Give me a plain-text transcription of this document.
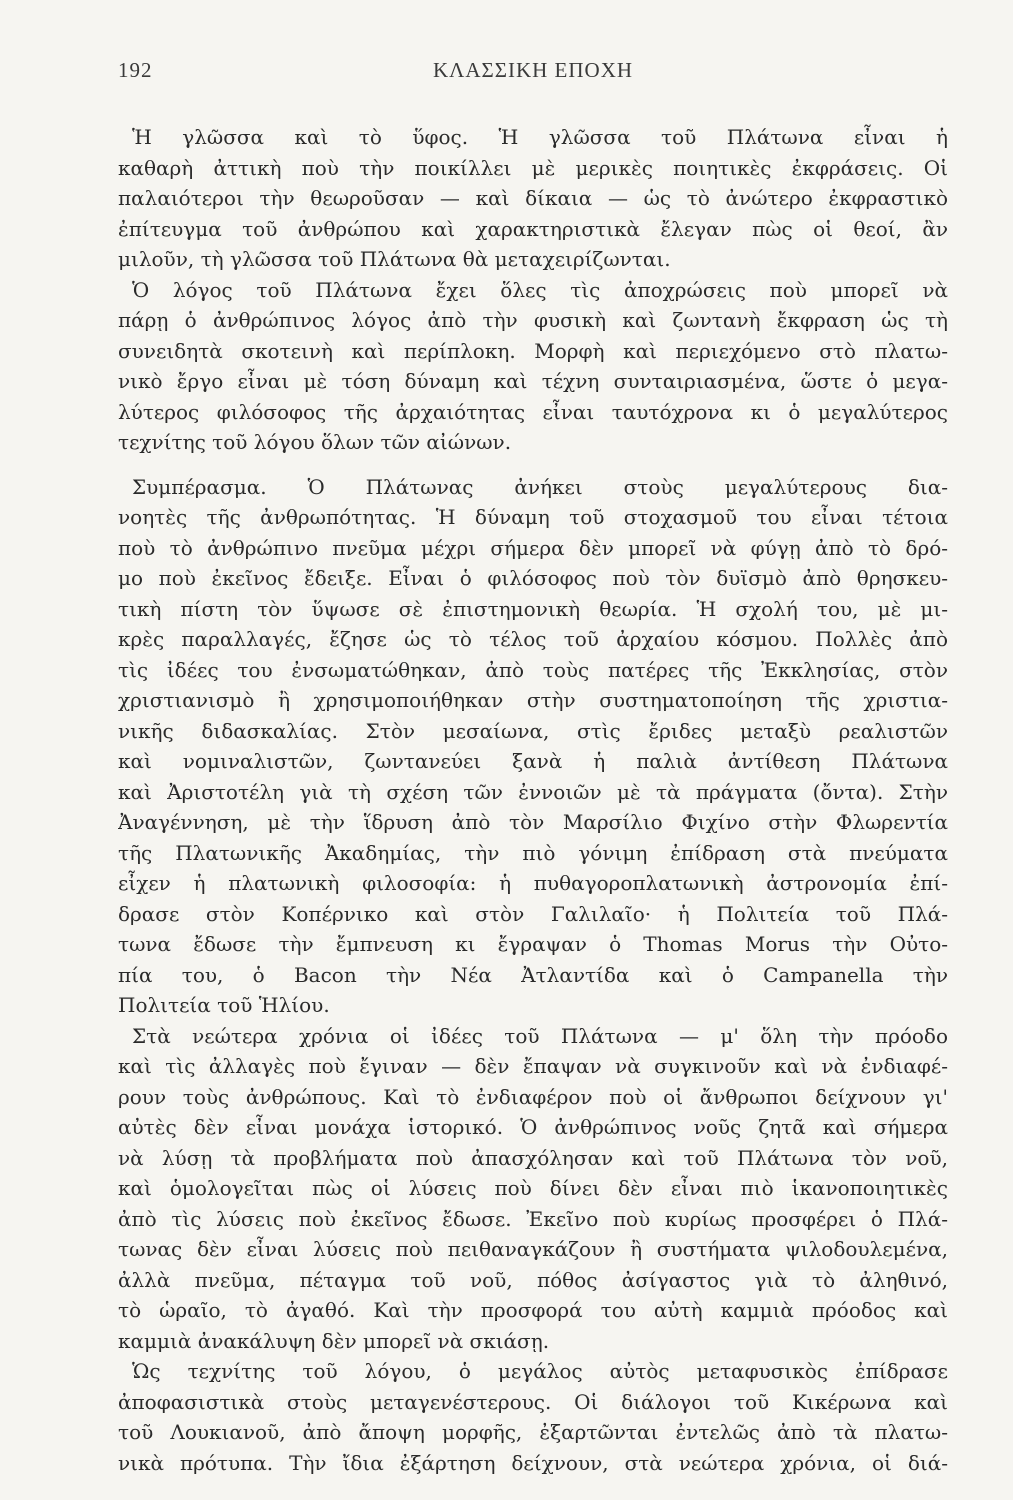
192	ΚΛΑΣΣΙΚΗ ΕΠΟΧΗ
Ἡ γλῶσσα καὶ τὸ ὕφος. Ἡ γλῶσσα τοῦ Πλάτωνα εἶναι ἡ
καθαρὴ ἀττικὴ ποὺ τὴν ποικίλλει μὲ μερικὲς ποιητικὲς ἐκφράσεις. Οἱ
παλαιότεροι τὴν θεωροῦσαν — καὶ δίκαια — ὡς τὸ ἀνώτερο ἐκφραστικὸ
ἐπίτευγμα τοῦ ἀνθρώπου καὶ χαρακτηριστικὰ ἔλεγαν πὼς οἱ θεοί, ἂν
μιλοῦν, τὴ γλῶσσα τοῦ Πλάτωνα θὰ μεταχειρίζωνται.
Ὁ λόγος τοῦ Πλάτωνα ἔχει ὅλες τὶς ἀποχρώσεις ποὺ μπορεῖ νὰ
πάρῃ ὁ ἀνθρώπινος λόγος ἀπὸ τὴν φυσικὴ καὶ ζωντανὴ ἔκφραση ὡς τὴ
συνειδητὰ σκοτεινὴ καὶ περίπλοκη. Μορφὴ καὶ περιεχόμενο στὸ πλατω-
νικὸ ἔργο εἶναι μὲ τόση δύναμη καὶ τέχνη συνταιριασμένα, ὥστε ὁ μεγα-
λύτερος φιλόσοφος τῆς ἀρχαιότητας εἶναι ταυτόχρονα κι ὁ μεγαλύτερος
τεχνίτης τοῦ λόγου ὅλων τῶν αἰώνων.
Συμπέρασμα. Ὁ Πλάτωνας ἀνήκει στοὺς μεγαλύτερους δια-
νοητὲς τῆς ἀνθρωπότητας. Ἡ δύναμη τοῦ στοχασμοῦ του εἶναι τέτοια
ποὺ τὸ ἀνθρώπινο πνεῦμα μέχρι σήμερα δὲν μπορεῖ νὰ φύγῃ ἀπὸ τὸ δρό-
μο ποὺ ἐκεῖνος ἔδειξε. Εἶναι ὁ φιλόσοφος ποὺ τὸν δυϊσμὸ ἀπὸ θρησκευ-
τικὴ πίστη τὸν ὕψωσε σὲ ἐπιστημονικὴ θεωρία. Ἡ σχολή του, μὲ μι-
κρὲς παραλλαγές, ἔζησε ὡς τὸ τέλος τοῦ ἀρχαίου κόσμου. Πολλὲς ἀπὸ
τὶς ἰδέες του ἐνσωματώθηκαν, ἀπὸ τοὺς πατέρες τῆς Ἐκκλησίας, στὸν
χριστιανισμὸ ἢ χρησιμοποιήθηκαν στὴν συστηματοποίηση τῆς χριστια-
νικῆς διδασκαλίας. Στὸν μεσαίωνα, στὶς ἔριδες μεταξὺ ρεαλιστῶν
καὶ νομιναλιστῶν, ζωντανεύει ξανὰ ἡ παλιὰ ἀντίθεση Πλάτωνα
καὶ Ἀριστοτέλη γιὰ τὴ σχέση τῶν ἐννοιῶν μὲ τὰ πράγματα (ὄντα). Στὴν
Ἀναγέννηση, μὲ τὴν ἵδρυση ἀπὸ τὸν Μαρσίλιο Φιχίνο στὴν Φλωρεντία
τῆς Πλατωνικῆς Ἀκαδημίας, τὴν πιὸ γόνιμη ἐπίδραση στὰ πνεύματα
εἶχεν ἡ πλατωνικὴ φιλοσοφία: ἡ πυθαγοροπλατωνικὴ ἀστρονομία ἐπί-
δρασε στὸν Κοπέρνικο καὶ στὸν Γαλιλαῖο· ἡ Πολιτεία τοῦ Πλά-
τωνα ἔδωσε τὴν ἔμπνευση κι ἔγραψαν ὁ Thomas Morus τὴν Οὐτο-
πία του, ὁ Bacon τὴν Νέα Ἀτλαντίδα καὶ ὁ Campanella τὴν
Πολιτεία τοῦ Ἡλίου.
Στὰ νεώτερα χρόνια οἱ ἰδέες τοῦ Πλάτωνα — μ' ὅλη τὴν πρόοδο
καὶ τὶς ἀλλαγὲς ποὺ ἔγιναν — δὲν ἔπαψαν νὰ συγκινοῦν καὶ νὰ ἐνδιαφέ-
ρουν τοὺς ἀνθρώπους. Καὶ τὸ ἐνδιαφέρον ποὺ οἱ ἄνθρωποι δείχνουν γι'
αὐτὲς δὲν εἶναι μονάχα ἱστορικό. Ὁ ἀνθρώπινος νοῦς ζητᾶ καὶ σήμερα
νὰ λύσῃ τὰ προβλήματα ποὺ ἀπασχόλησαν καὶ τοῦ Πλάτωνα τὸν νοῦ,
καὶ ὁμολογεῖται πὼς οἱ λύσεις ποὺ δίνει δὲν εἶναι πιὸ ἱκανοποιητικὲς
ἀπὸ τὶς λύσεις ποὺ ἐκεῖνος ἔδωσε. Ἐκεῖνο ποὺ κυρίως προσφέρει ὁ Πλά-
τωνας δὲν εἶναι λύσεις ποὺ πειθαναγκάζουν ἢ συστήματα ψιλοδουλεμένα,
ἀλλὰ πνεῦμα, πέταγμα τοῦ νοῦ, πόθος ἀσίγαστος γιὰ τὸ ἀληθινό,
τὸ ὡραῖο, τὸ ἀγαθό. Καὶ τὴν προσφορά του αὐτὴ καμμιὰ πρόοδος καὶ
καμμιὰ ἀνακάλυψη δὲν μπορεῖ νὰ σκιάσῃ.
Ὡς τεχνίτης τοῦ λόγου, ὁ μεγάλος αὐτὸς μεταφυσικὸς ἐπίδρασε
ἀποφασιστικὰ στοὺς μεταγενέστερους. Οἱ διάλογοι τοῦ Κικέρωνα καὶ
τοῦ Λουκιανοῦ, ἀπὸ ἄποψη μορφῆς, ἐξαρτῶνται ἐντελῶς ἀπὸ τὰ πλατω-
νικὰ πρότυπα. Τὴν ἴδια ἐξάρτηση δείχνουν, στὰ νεώτερα χρόνια, οἱ διά-
